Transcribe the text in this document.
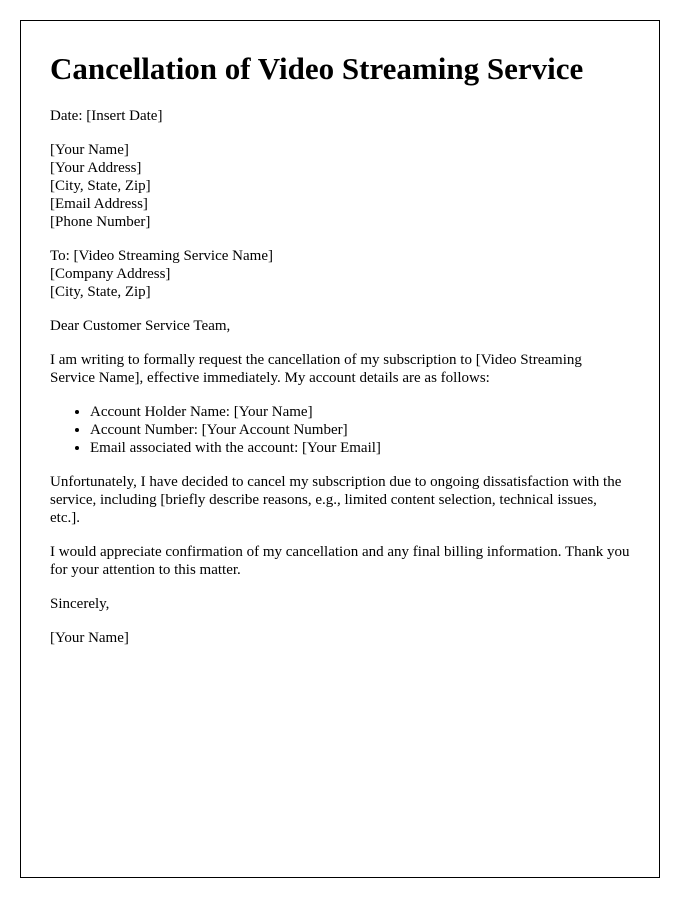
Cancellation of Video Streaming Service

Date: [Insert Date]

[Your Name]
[Your Address]
[City, State, Zip]
[Email Address]
[Phone Number]

To: [Video Streaming Service Name]
[Company Address]
[City, State, Zip]

Dear Customer Service Team,

I am writing to formally request the cancellation of my subscription to [Video Streaming Service Name], effective immediately. My account details are as follows:

• Account Holder Name: [Your Name]
• Account Number: [Your Account Number]
• Email associated with the account: [Your Email]

Unfortunately, I have decided to cancel my subscription due to ongoing dissatisfaction with the service, including [briefly describe reasons, e.g., limited content selection, technical issues, etc.].

I would appreciate confirmation of my cancellation and any final billing information. Thank you for your attention to this matter.

Sincerely,

[Your Name]
